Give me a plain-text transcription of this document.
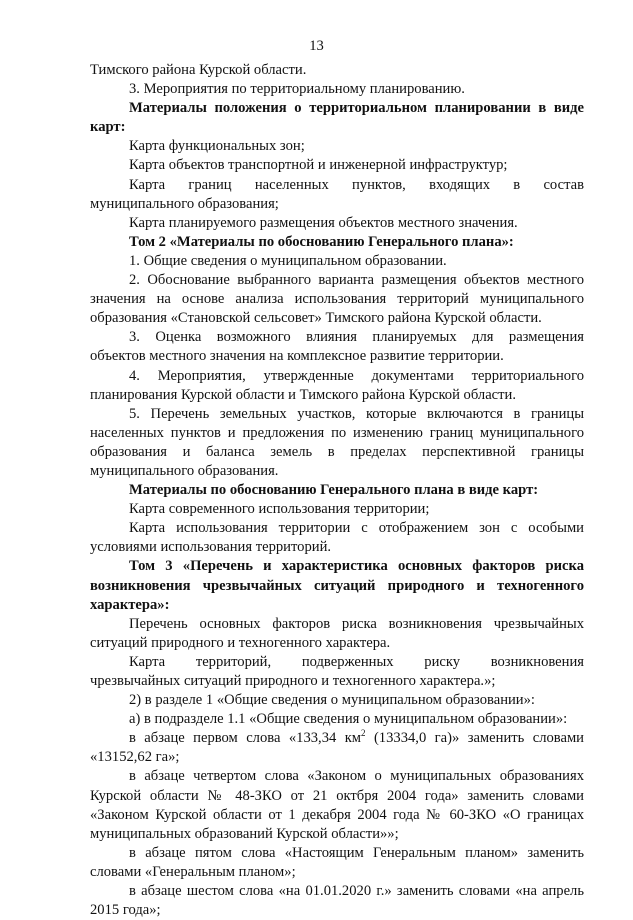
13
Тимского района Курской области.
3. Мероприятия по территориальному планированию.
Материалы положения о территориальном планировании в виде
карт:
Карта функциональных зон;
Карта объектов транспортной и инженерной инфраструктур;
Карта границ населенных пунктов, входящих в состав
муниципального образования;
Карта планируемого размещения объектов местного значения.
Том 2 «Материалы по обоснованию Генерального плана»:
1. Общие сведения о муниципальном образовании.
2. Обоснование выбранного варианта размещения объектов местного
значения на основе анализа использования территорий муниципального
образования «Становской сельсовет» Тимского района Курской области.
3. Оценка возможного влияния планируемых для размещения
объектов местного значения на комплексное развитие территории.
4. Мероприятия, утвержденные документами территориального
планирования Курской области и Тимского района Курской области.
5. Перечень земельных участков, которые включаются в границы
населенных пунктов и предложения по изменению границ муниципального
образования и баланса земель в пределах перспективной границы
муниципального образования.
Материалы по обоснованию Генерального плана в виде карт:
Карта современного использования территории;
Карта использования территории с отображением зон с особыми
условиями использования территорий.
Том 3 «Перечень и характеристика основных факторов риска
возникновения чрезвычайных ситуаций природного и техногенного
характера»:
Перечень основных факторов риска возникновения чрезвычайных
ситуаций природного и техногенного характера.
Карта территорий, подверженных риску возникновения
чрезвычайных ситуаций природного и техногенного характера.»;
2) в разделе 1 «Общие сведения о муниципальном образовании»:
а) в подразделе 1.1 «Общие сведения о муниципальном образовании»:
в абзаце первом слова «133,34 $км^2$ (13334,0 га)» заменить словами
«13152,62 га»;
в абзаце четвертом слова «Законом о муниципальных образованиях
Курской области № 48-ЗКО от 21 октбря 2004 года» заменить словами
«Законом Курской области от 1 декабря 2004 года № 60-ЗКО «О границах
муниципальных образований Курской области»»;
в абзаце пятом слова «Настоящим Генеральным планом» заменить
словами «Генеральным планом»;
в абзаце шестом слова «на 01.01.2020 г.» заменить словами «на апрель
2015 года»;
